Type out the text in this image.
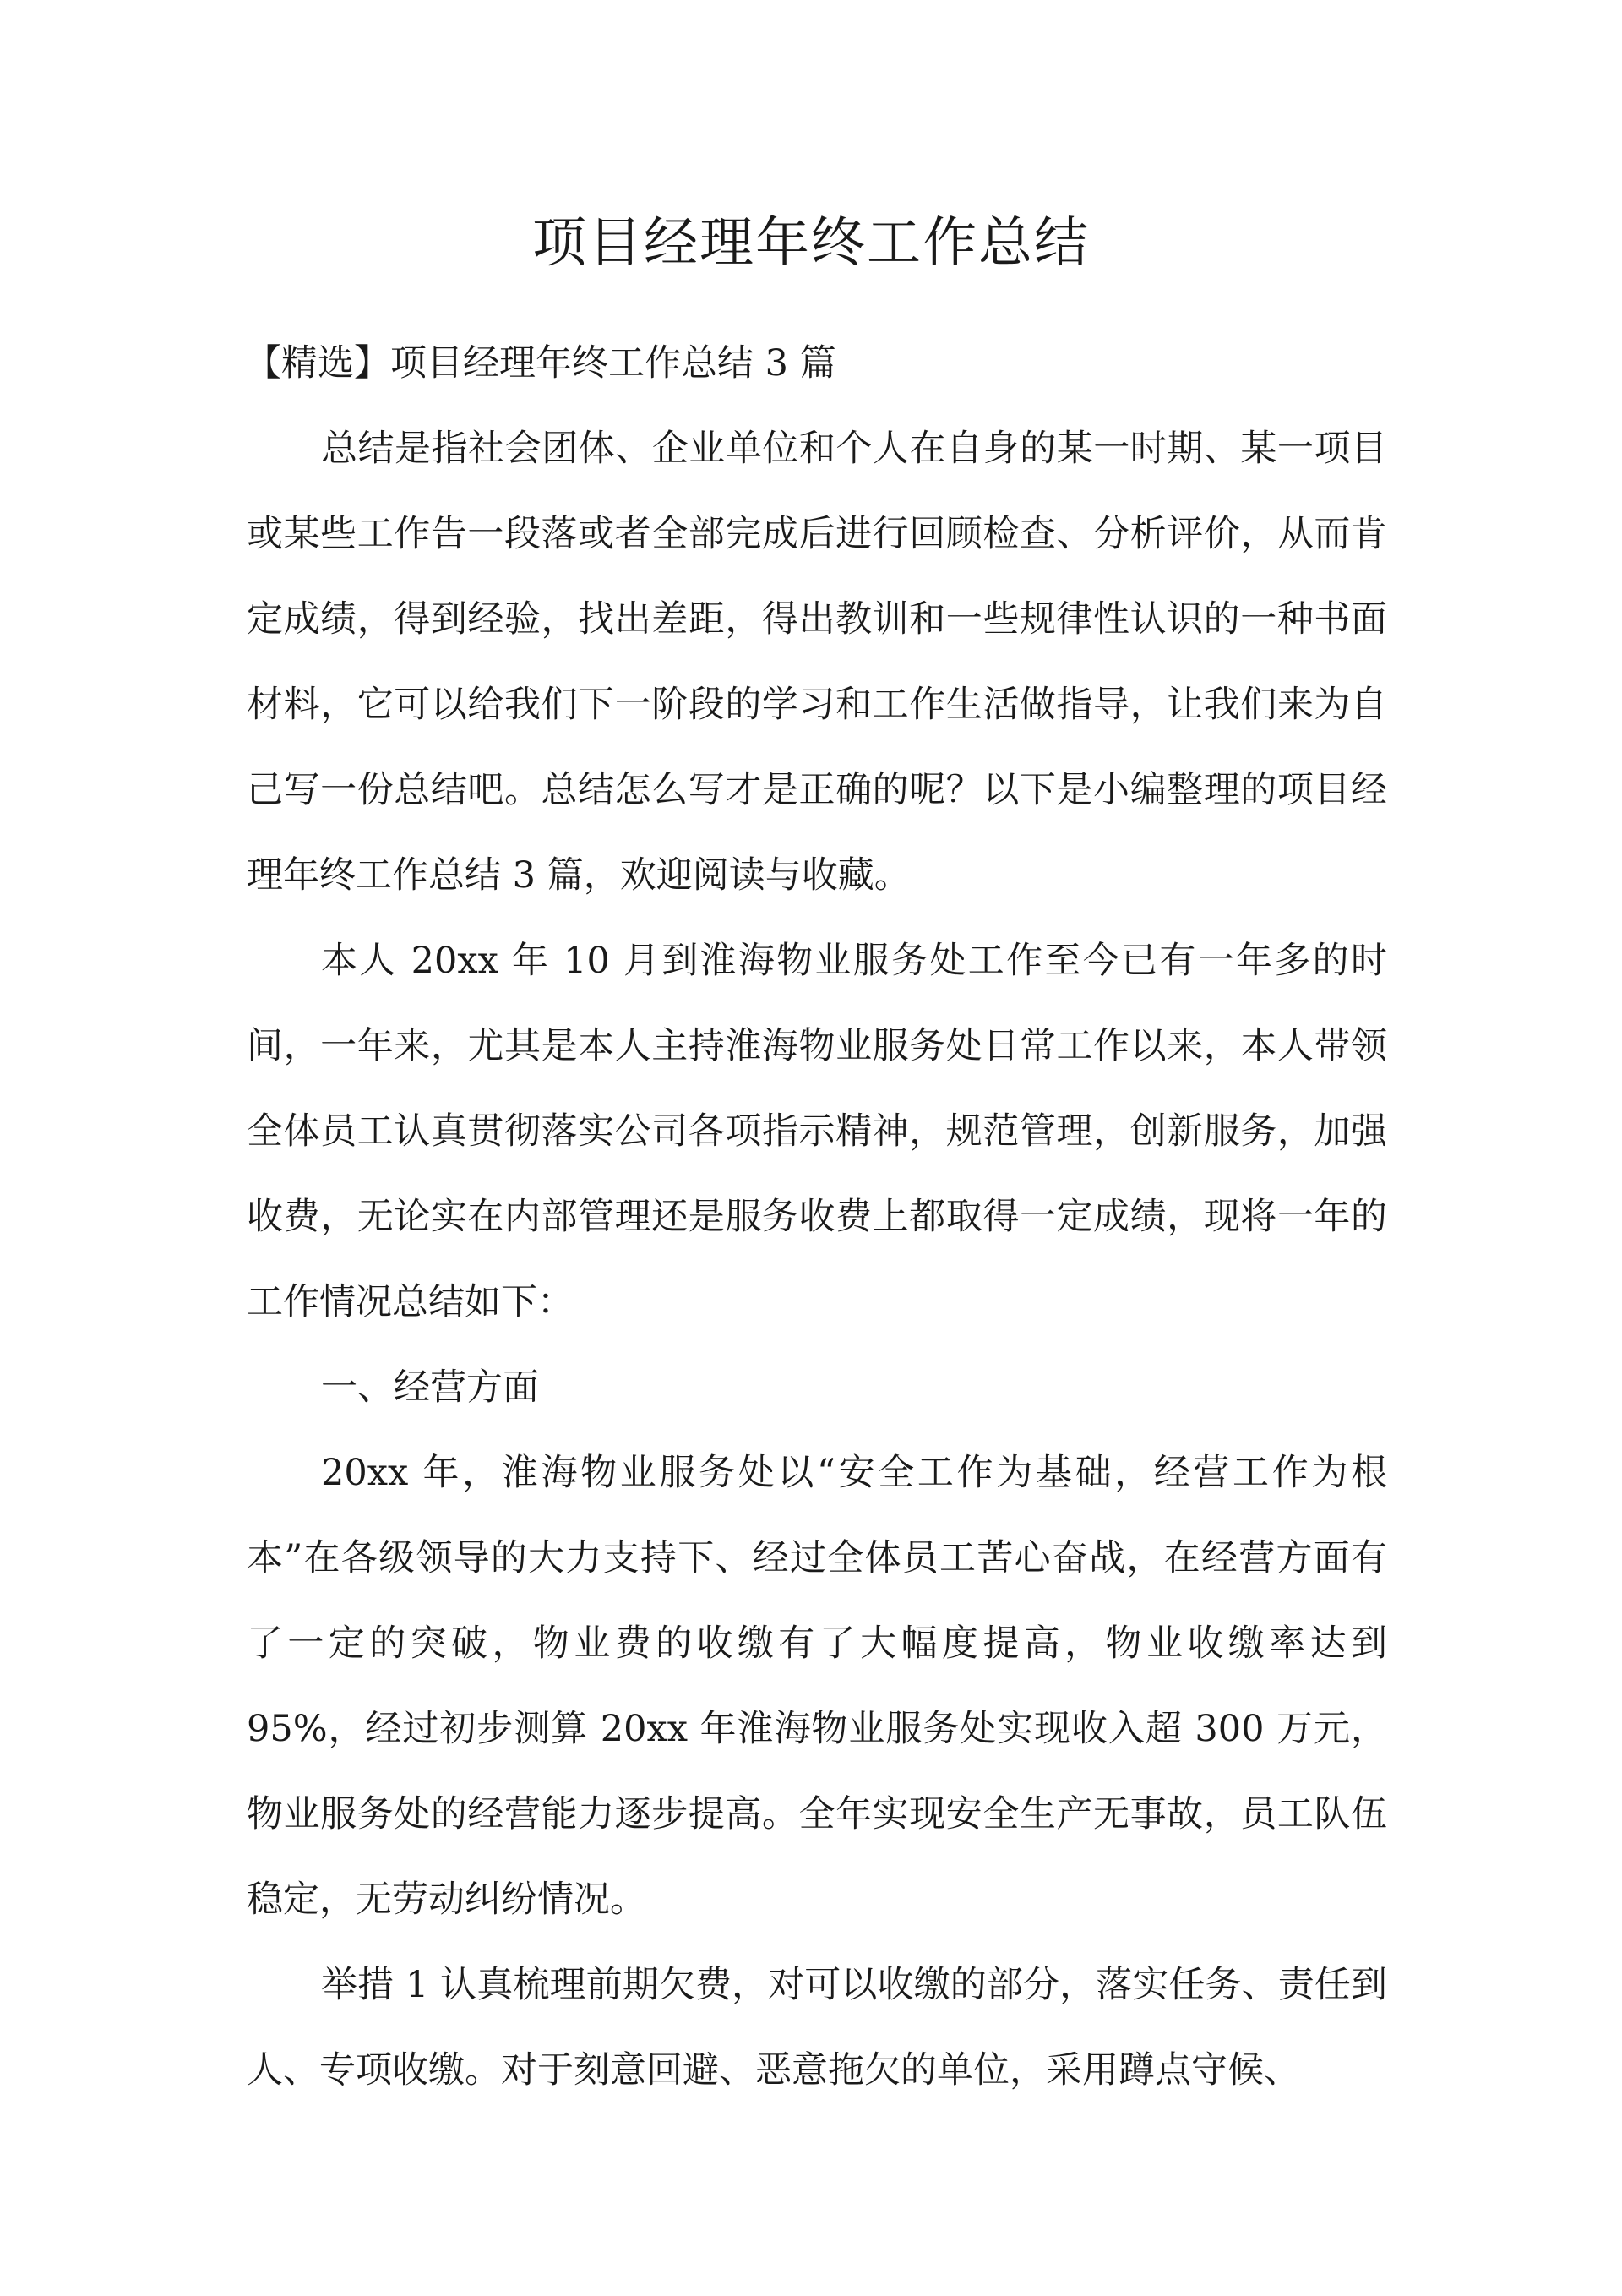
项目经理年终工作总结

【精选】项目经理年终工作总结 3 篇

总结是指社会团体、企业单位和个人在自身的某一时期、某一项目或某些工作告一段落或者全部完成后进行回顾检查、分析评价，从而肯定成绩，得到经验，找出差距，得出教训和一些规律性认识的一种书面材料，它可以给我们下一阶段的学习和工作生活做指导，让我们来为自己写一份总结吧。总结怎么写才是正确的呢？以下是小编整理的项目经理年终工作总结 3 篇，欢迎阅读与收藏。

本人 20xx 年 10 月到淮海物业服务处工作至今已有一年多的时间，一年来，尤其是本人主持淮海物业服务处日常工作以来，本人带领全体员工认真贯彻落实公司各项指示精神，规范管理，创新服务，加强收费，无论实在内部管理还是服务收费上都取得一定成绩，现将一年的工作情况总结如下：

一、经营方面

20xx 年，淮海物业服务处以“安全工作为基础，经营工作为根本”在各级领导的大力支持下、经过全体员工苦心奋战，在经营方面有了一定的突破，物业费的收缴有了大幅度提高，物业收缴率达到 95%，经过初步测算 20xx 年淮海物业服务处实现收入超 300 万元，物业服务处的经营能力逐步提高。全年实现安全生产无事故，员工队伍稳定，无劳动纠纷情况。

举措 1 认真梳理前期欠费，对可以收缴的部分，落实任务、责任到人、专项收缴。对于刻意回避、恶意拖欠的单位，采用蹲点守候、
